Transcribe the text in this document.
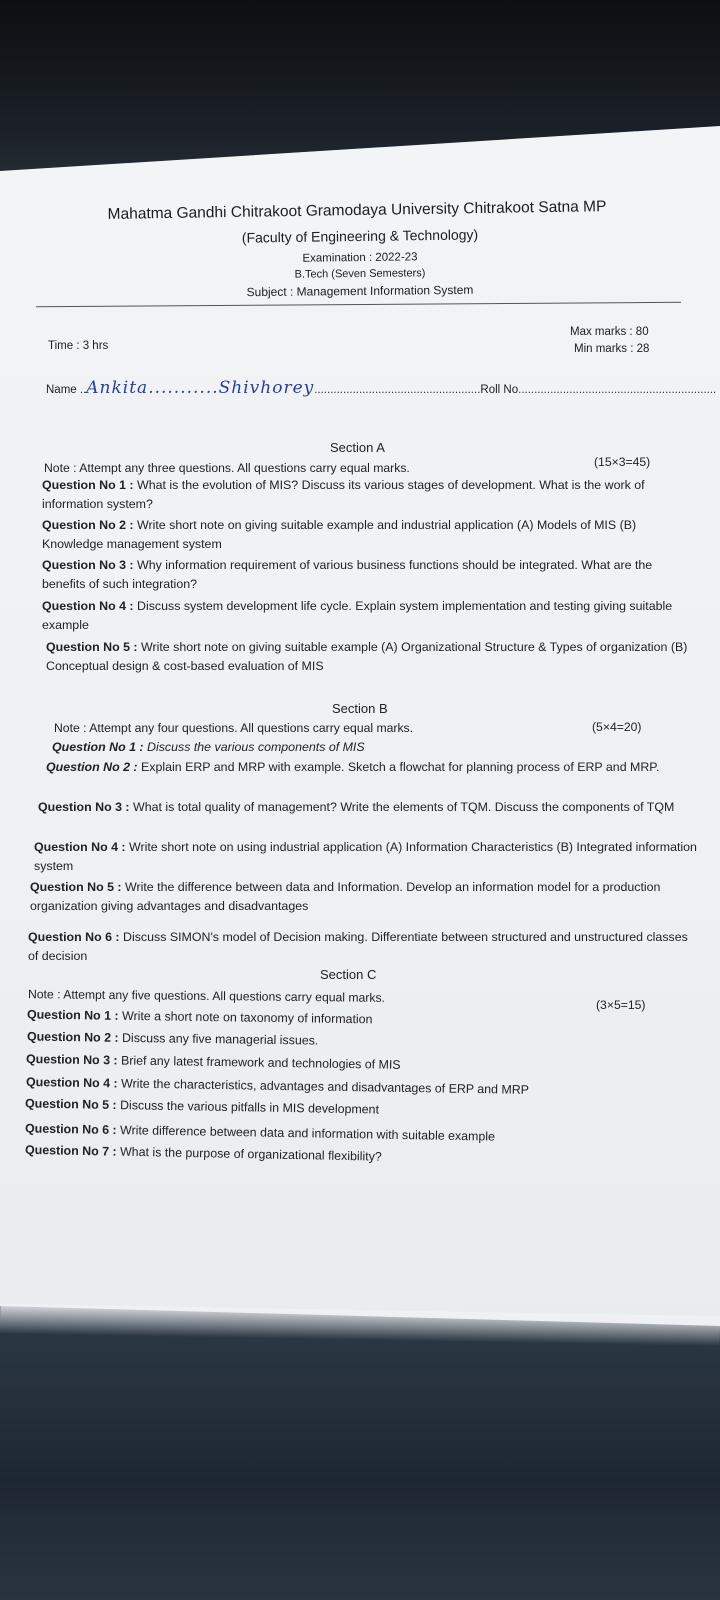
Mahatma Gandhi Chitrakoot Gramodaya University Chitrakoot Satna MP
(Faculty of Engineering & Technology)
Examination : 2022-23
B.Tech (Seven Semesters)
Subject : Management Information System
Time : 3 hrs
Max marks : 80
Min marks : 28
Name ..Ankita...........Shivhorey....................................................Roll No..............................................................
Section A
Note : Attempt any three questions. All questions carry equal marks.	(15×3=45)
Question No 1 : What is the evolution of MIS? Discuss its various stages of development. What is the work of information system?
Question No 2 : Write short note on giving suitable example and industrial application (A) Models of MIS (B) Knowledge management system
Question No 3 : Why information requirement of various business functions should be integrated. What are the benefits of such integration?
Question No 4 : Discuss system development life cycle. Explain system implementation and testing giving suitable example
Question No 5 : Write short note on giving suitable example (A) Organizational Structure & Types of organization (B) Conceptual design & cost-based evaluation of MIS
Section B
Note : Attempt any four questions. All questions carry equal marks.	(5×4=20)
Question No 1 : Discuss the various components of MIS
Question No 2 : Explain ERP and MRP with example. Sketch a flowchat for planning process of ERP and MRP.
Question No 3 : What is total quality of management? Write the elements of TQM. Discuss the components of TQM
Question No 4 : Write short note on using industrial application (A) Information Characteristics (B) Integrated information system
Question No 5 : Write the difference between data and Information. Develop an information model for a production organization giving advantages and disadvantages
Question No 6 : Discuss SIMON's model of Decision making. Differentiate between structured and unstructured classes of decision
Section C
Note : Attempt any five questions. All questions carry equal marks.
(3×5=15)
Question No 1 : Write a short note on taxonomy of information
Question No 2 : Discuss any five managerial issues.
Question No 3 : Brief any latest framework and technologies of MIS
Question No 4 : Write the characteristics, advantages and disadvantages of ERP and MRP
Question No 5 : Discuss the various pitfalls in MIS development
Question No 6 : Write difference between data and information with suitable example
Question No 7 : What is the purpose of organizational flexibility?
